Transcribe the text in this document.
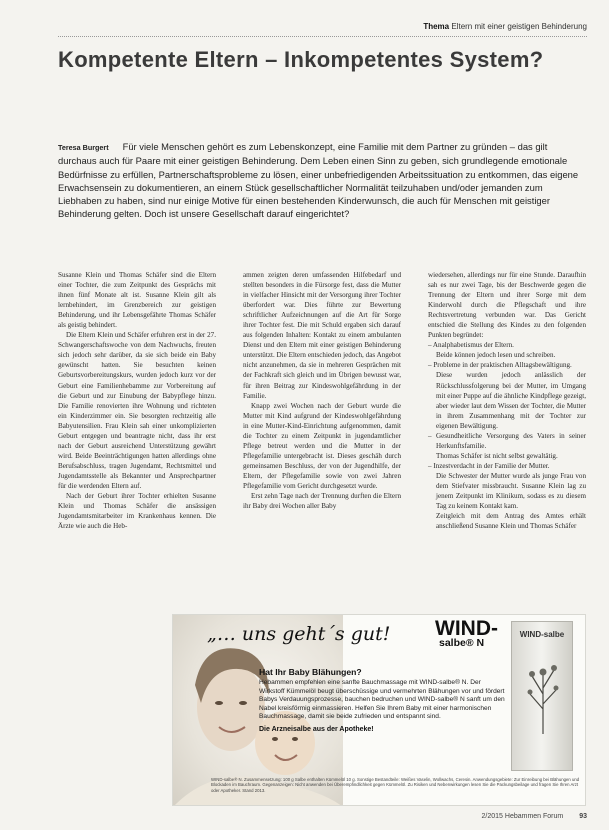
Thema Eltern mit einer geistigen Behinderung
Kompetente Eltern – Inkompetentes System?
Teresa Burgert Für viele Menschen gehört es zum Lebenskonzept, eine Familie mit dem Partner zu gründen – das gilt durchaus auch für Paare mit einer geistigen Behinderung. Dem Leben einen Sinn zu geben, sich grundlegende emotionale Bedürfnisse zu erfüllen, Partnerschaftsprobleme zu lösen, einer unbefriedigenden Arbeitssituation zu entkommen, das eigene Erwachsensein zu dokumentieren, an einem Stück gesellschaftlicher Normalität teilzuhaben und/oder jemanden zum Liebhaben zu haben, sind nur einige Motive für einen bestehenden Kinderwunsch, die auch für Menschen mit geistiger Behinderung gelten. Doch ist unsere Gesellschaft darauf eingerichtet?

Susanne Klein und Thomas Schäfer sind die Eltern einer Tochter, die zum Zeitpunkt des Gesprächs mit ihnen fünf Monate alt ist. Susanne Klein gilt als lernbehindert, im Grenzbereich zur geistigen Behinderung, und ihr Lebensgefährte Thomas Schäfer als geistig behindert.

Die Eltern Klein und Schäfer erfuhren erst in der 27. Schwangerschaftswoche von dem Nachwuchs, freuten sich jedoch sehr darüber, da sie sich beide ein Baby gewünscht hatten. Sie besuchten keinen Geburtsvorbereitungskurs, wurden jedoch kurz vor der Geburt eine Familienhebamme zur Vorbereitung auf die Geburt und zur Einubung der Babypflege hinzu. Die Familie renovierten ihre Wohnung und richteten ein Kinderzimmer ein. Sie besorgten rechtzeitig alle Babyutensilien. Frau Klein sah einer unkomplizierten Geburt entgegen und beantragte nicht, dass ihr erst nach der Geburt ausreichend Unterstützung gewährt wird. Beide Beeinträchtigungen hatten allerdings ohne Berufsabschluss, tragen Jugendamt, Rechtsmittel und Jugendamtsstelle als Bekannter und Ansprechpartner für die werdenden Eltern auf.

Nach der Geburt ihrer Tochter erhielten Susanne Klein und Thomas Schäfer die ansässigen Jugendamtsmitarbeiter im Krankenhaus kennen. Die Ärzte wie auch die Heb-

ammen zeigten deren umfassenden Hilfebedarf und stellten besonders in die Fürsorge fest, dass die Mutter in vielfacher Hinsicht mit der Versorgung ihrer Tochter überfordert war. Dies führte zur Bewertung schriftlicher Aufzeichnungen auf die Art für Sorge ihrer Tochter fest. Die mit Schuld ergaben sich darauf aus folgenden Inhalten: Kontakt zu einem ambulanten Dienst und den Eltern mit einer geistigen Behinderung unterstützt. Die Eltern entschieden jedoch, das Angebot nicht anzunehmen, da sie in mehreren Gesprächen mit der Fachkraft sich gleich und im Übrigen bewusst war, für ihren Beitrag zur Kindeswohlgefährdung in der Familie.

Knapp zwei Wochen nach der Geburt wurde die Mutter mit Kind aufgrund der Kindeswohlgefährdung in eine Mutter-Kind-Einrichtung aufgenommen, damit die Tochter zu einem Zeitpunkt in jugendamtlicher Pflege betreut werden und die Mutter in der Pflegefamilie untergebracht ist. Dieses geschäh durch gemeinsamen Beschluss, der von der Jugendhilfe, der Eltern, der Pflegefamilie sowie von zwei Jahren Pflegefamilie vom Gericht durchgesetzt wurde.

Erst zehn Tage nach der Trennung durften die Eltern ihr Baby drei Wochen aller Baby

wiedersehen, allerdings nur für eine Stunde. Daraufhin sah es nur zwei Tage, bis der Beschwerde gegen die Trennung der Eltern und ihrer Sorge mit dem Kinderwohl durch die Pflegschaft und ihre Rechtsvertretung verbunden war. Das Gericht entschied die Stellung des Kindes zu den folgenden Punkten begründet:

– Analphabetismus der Eltern.
Beide können jedoch lesen und schreiben.
– Probleme in der praktischen Alltagsbewältigung.
Diese wurden jedoch anlässlich der Rückschlussfolgerung bei der Mutter, im Umgang mit einer Puppe auf die ähnliche Kindpflege gezeigt, aber wieder laut dem Wissen der Tochter, die Mutter in ihrem Zusammenhang mit der Tochter zur eigenen Bewältigung.
– Gesundheitliche Versorgung des Vaters in seiner Herkunftsfamilie.
Thomas Schäfer ist nicht selbst gewaltätig.
– Inzestverdacht in der Familie der Mutter.
Die Schwester der Mutter wurde als junge Frau von dem Stiefvater missbraucht. Susanne Klein lag zu jenem Zeitpunkt im Klinikum, sodass es zu diesem Tag zu keinem Kontakt kam.
Zeitgleich mit dem Antrag des Amtes erhält anschließend Susanne Klein und Thomas Schäfer
„… uns geht´s gut! WIND-
salbe® N
WIND-salbe
Hat Ihr Baby Blähungen?
Hebammen empfehlen eine sanfte Bauchmassage mit WIND-salbe® N. Der Wirkstoff Kümmelöl beugt überschüssige und vermehrten Blähungen vor und fördert Babys Verdauungsprozesse, bauchen bedruchen und WIND-salbe® N sanft um den Nabel kreisförmig einmassieren. Helfen Sie Ihrem Baby mit einer harmonischen Bauchmassage, damit sie beide zufrieden und entspannt sind.
Die Arzneisalbe aus der Apotheke!
WIND-salbe® N. Zusammensetzung: 100 g Salbe enthalten Kümmelöl 10 g. Sonstige Bestandteile: Weißes Vaselin, Wollwachs, Ceresin. Anwendungsgebiete: Zur Einreibung bei Blähungen und Blockaden im Bauchraum. Gegenanzeigen: Nicht anwenden bei Überempfindlichkeit gegen Kümmelöl. Zu Risiken und Nebenwirkungen lesen Sie die Packungsbeilage und fragen Sie Ihren Arzt oder Apotheker. Stand 2013.
2/2015 Hebammen Forum 93
